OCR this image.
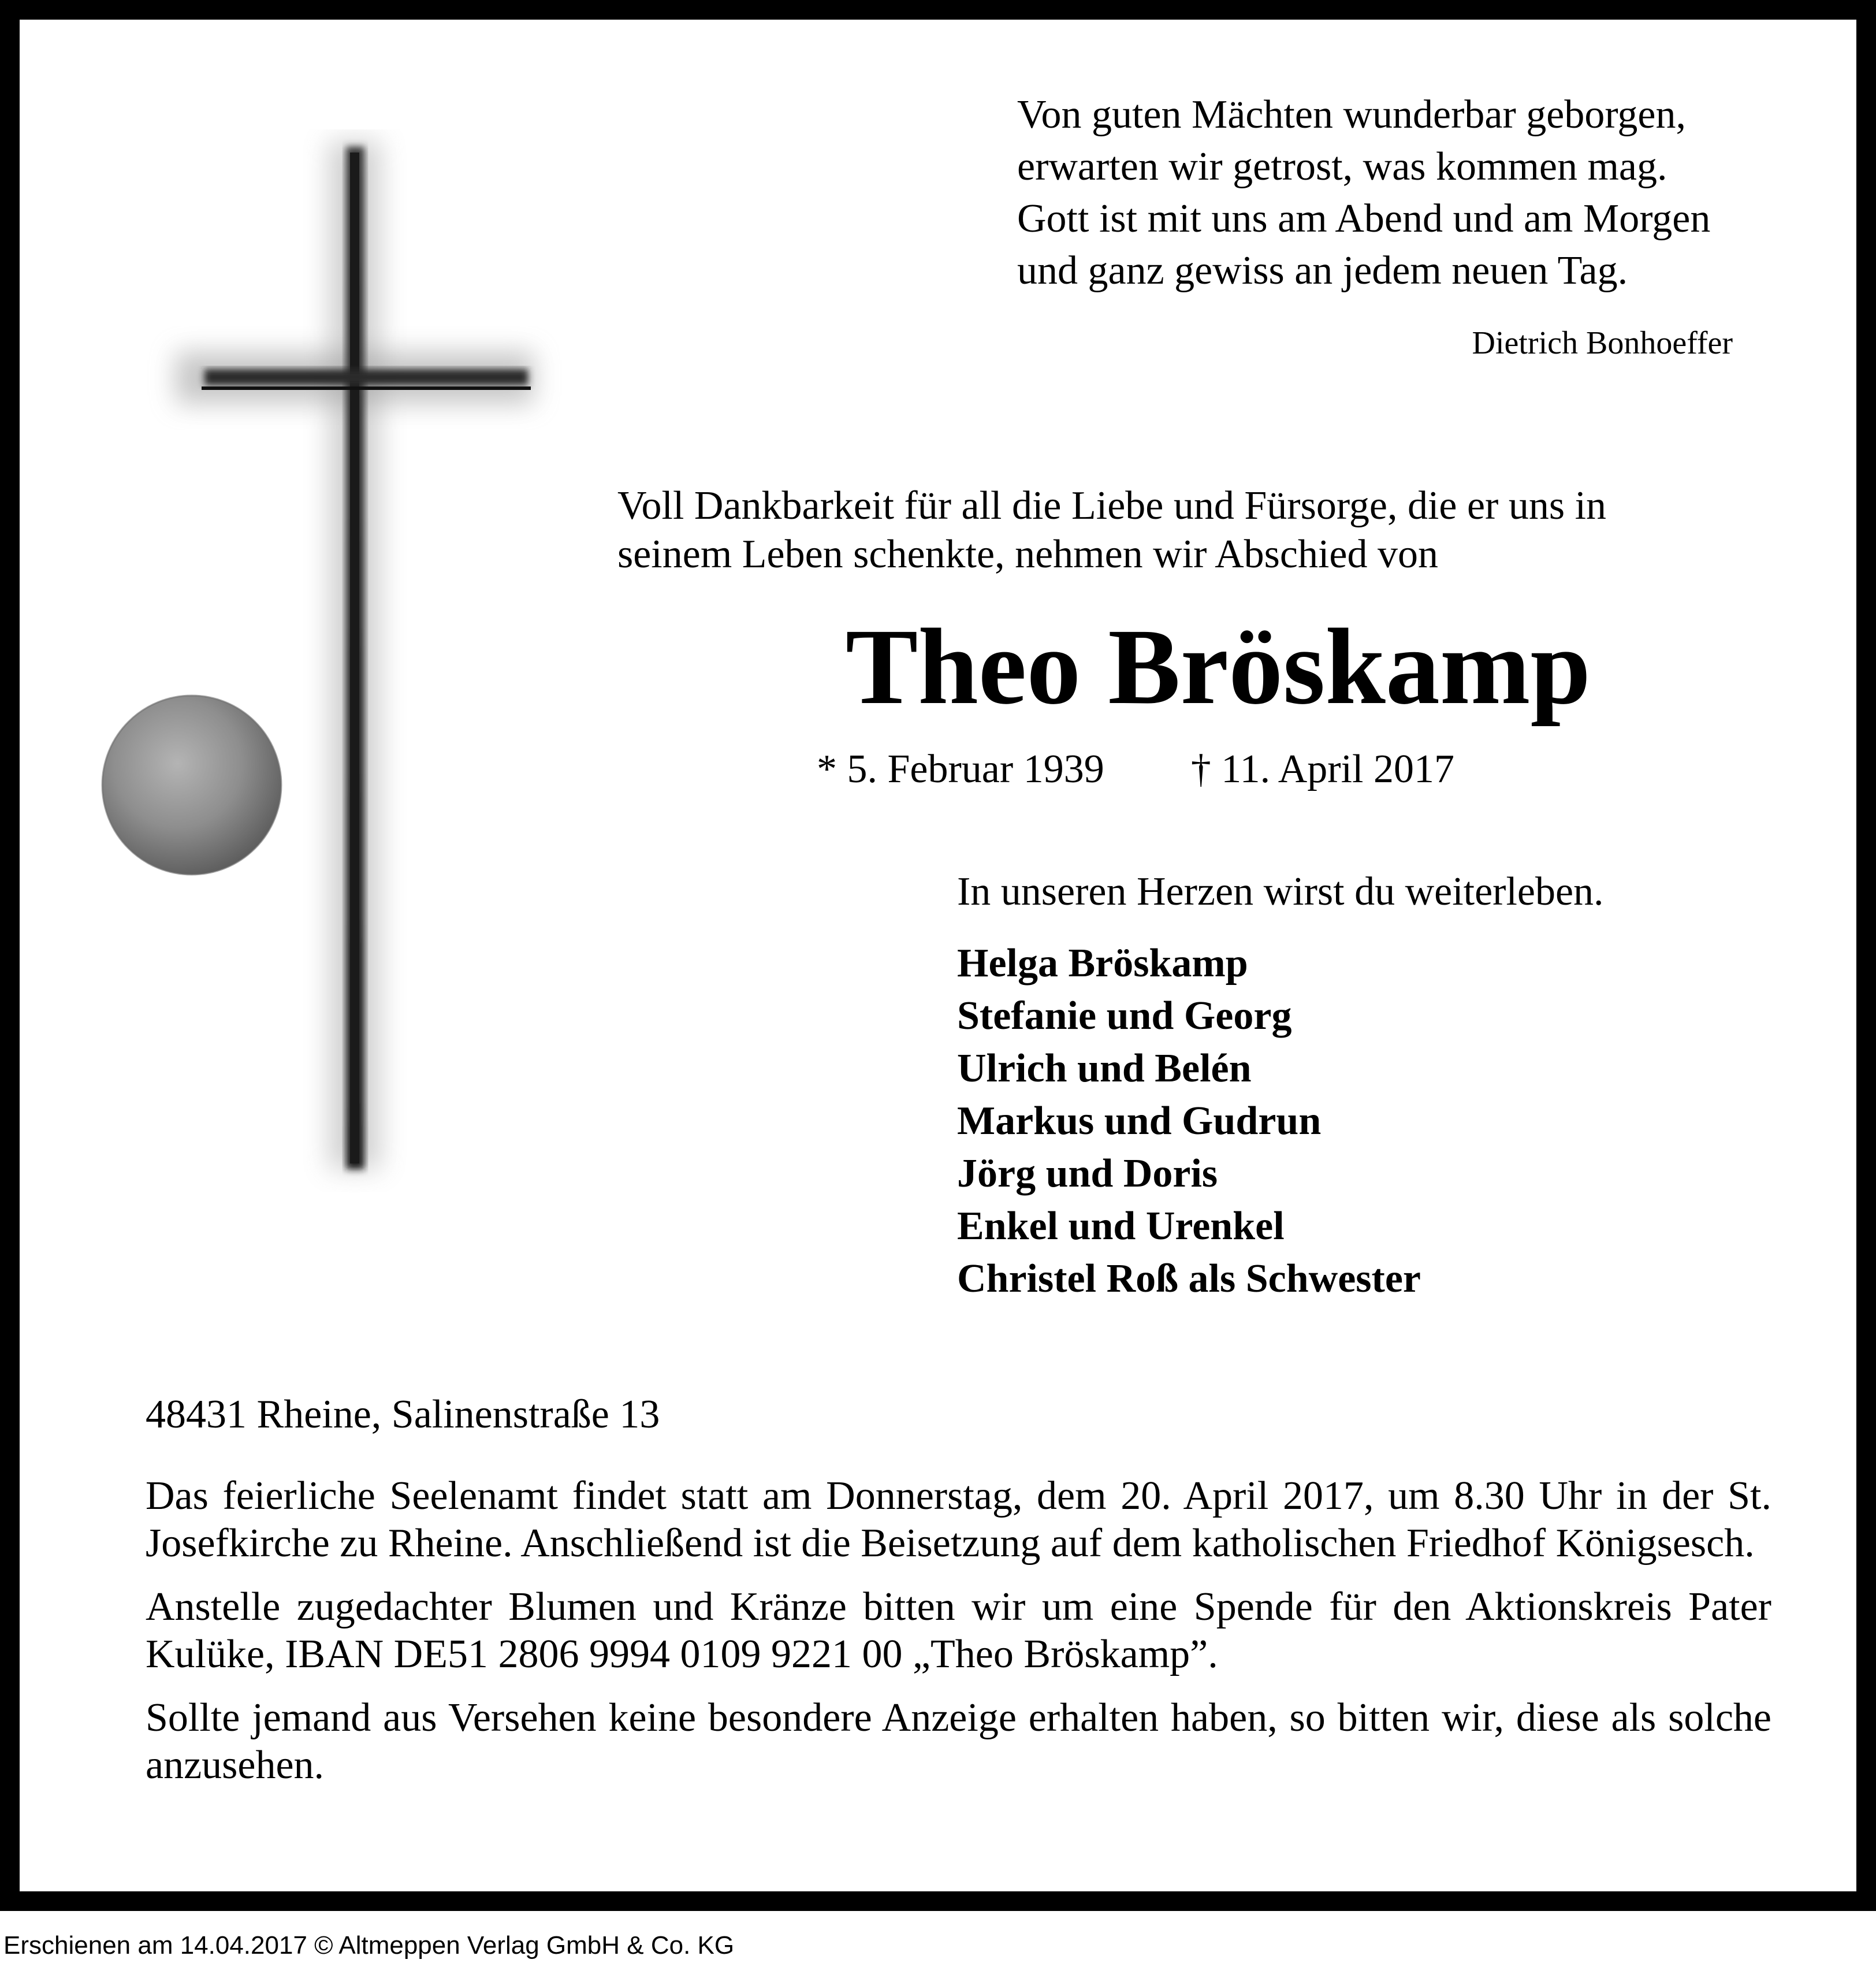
Von guten Mächten wunderbar geborgen,
erwarten wir getrost, was kommen mag.
Gott ist mit uns am Abend und am Morgen
und ganz gewiss an jedem neuen Tag.
Dietrich Bonhoeffer
Voll Dankbarkeit für all die Liebe und Fürsorge, die er uns in
seinem Leben schenkte, nehmen wir Abschied von
Theo Bröskamp
* 5. Februar 1939 † 11. April 2017
In unseren Herzen wirst du weiterleben.
Helga Bröskamp
Stefanie und Georg
Ulrich und Belén
Markus und Gudrun
Jörg und Doris
Enkel und Urenkel
Christel Roß als Schwester
48431 Rheine, Salinenstraße 13

Das feierliche Seelenamt findet statt am Donnerstag, dem 20. April 2017, um 8.30 Uhr in der St. Josefkirche zu Rheine. Anschließend ist die Beisetzung auf dem katholischen Friedhof Königsesch.

Anstelle zugedachter Blumen und Kränze bitten wir um eine Spende für den Aktionskreis Pater Kulüke, IBAN DE51 2806 9994 0109 9221 00 „Theo Bröskamp”.

Sollte jemand aus Versehen keine besondere Anzeige erhalten haben, so bitten wir, diese als solche anzusehen.

Erschienen am 14.04.2017 © Altmeppen Verlag GmbH & Co. KG
